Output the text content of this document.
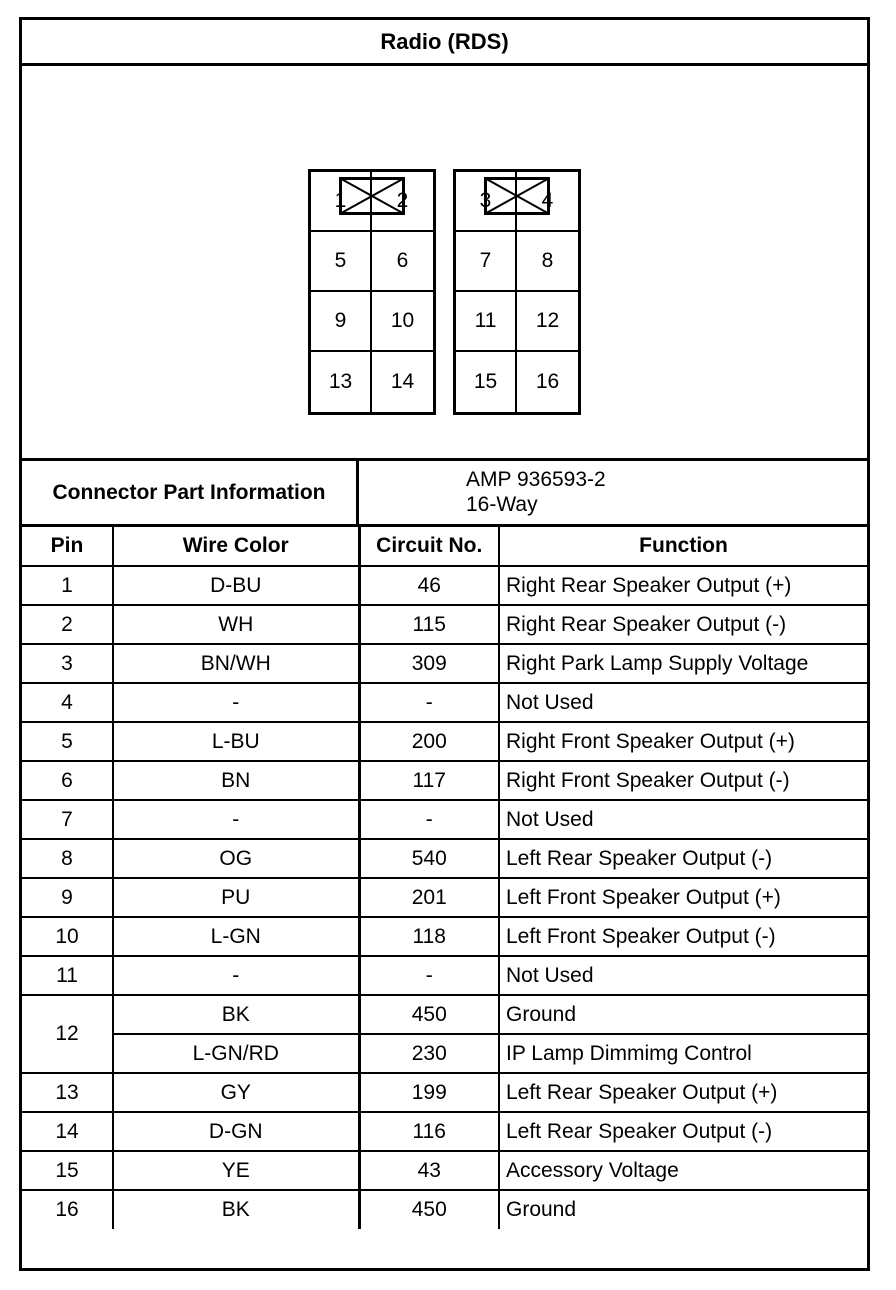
Radio (RDS)
1	2
5	6
9	10
13	14
3	4
7	8
11	12
15	16
Connector Part Information
AMP 936593-2
16-Way
Pin	Wire Color	Circuit No.	Function
1	D-BU	46	Right Rear Speaker Output (+)
2	WH	115	Right Rear Speaker Output (-)
3	BN/WH	309	Right Park Lamp Supply Voltage
4	-	-	Not Used
5	L-BU	200	Right Front Speaker Output (+)
6	BN	117	Right Front Speaker Output (-)
7	-	-	Not Used
8	OG	540	Left Rear Speaker Output (-)
9	PU	201	Left Front Speaker Output (+)
10	L-GN	118	Left Front Speaker Output (-)
11	-	-	Not Used
12	BK	450	Ground
	L-GN/RD	230	IP Lamp Dimmimg Control
13	GY	199	Left Rear Speaker Output (+)
14	D-GN	116	Left Rear Speaker Output (-)
15	YE	43	Accessory Voltage
16	BK	450	Ground
